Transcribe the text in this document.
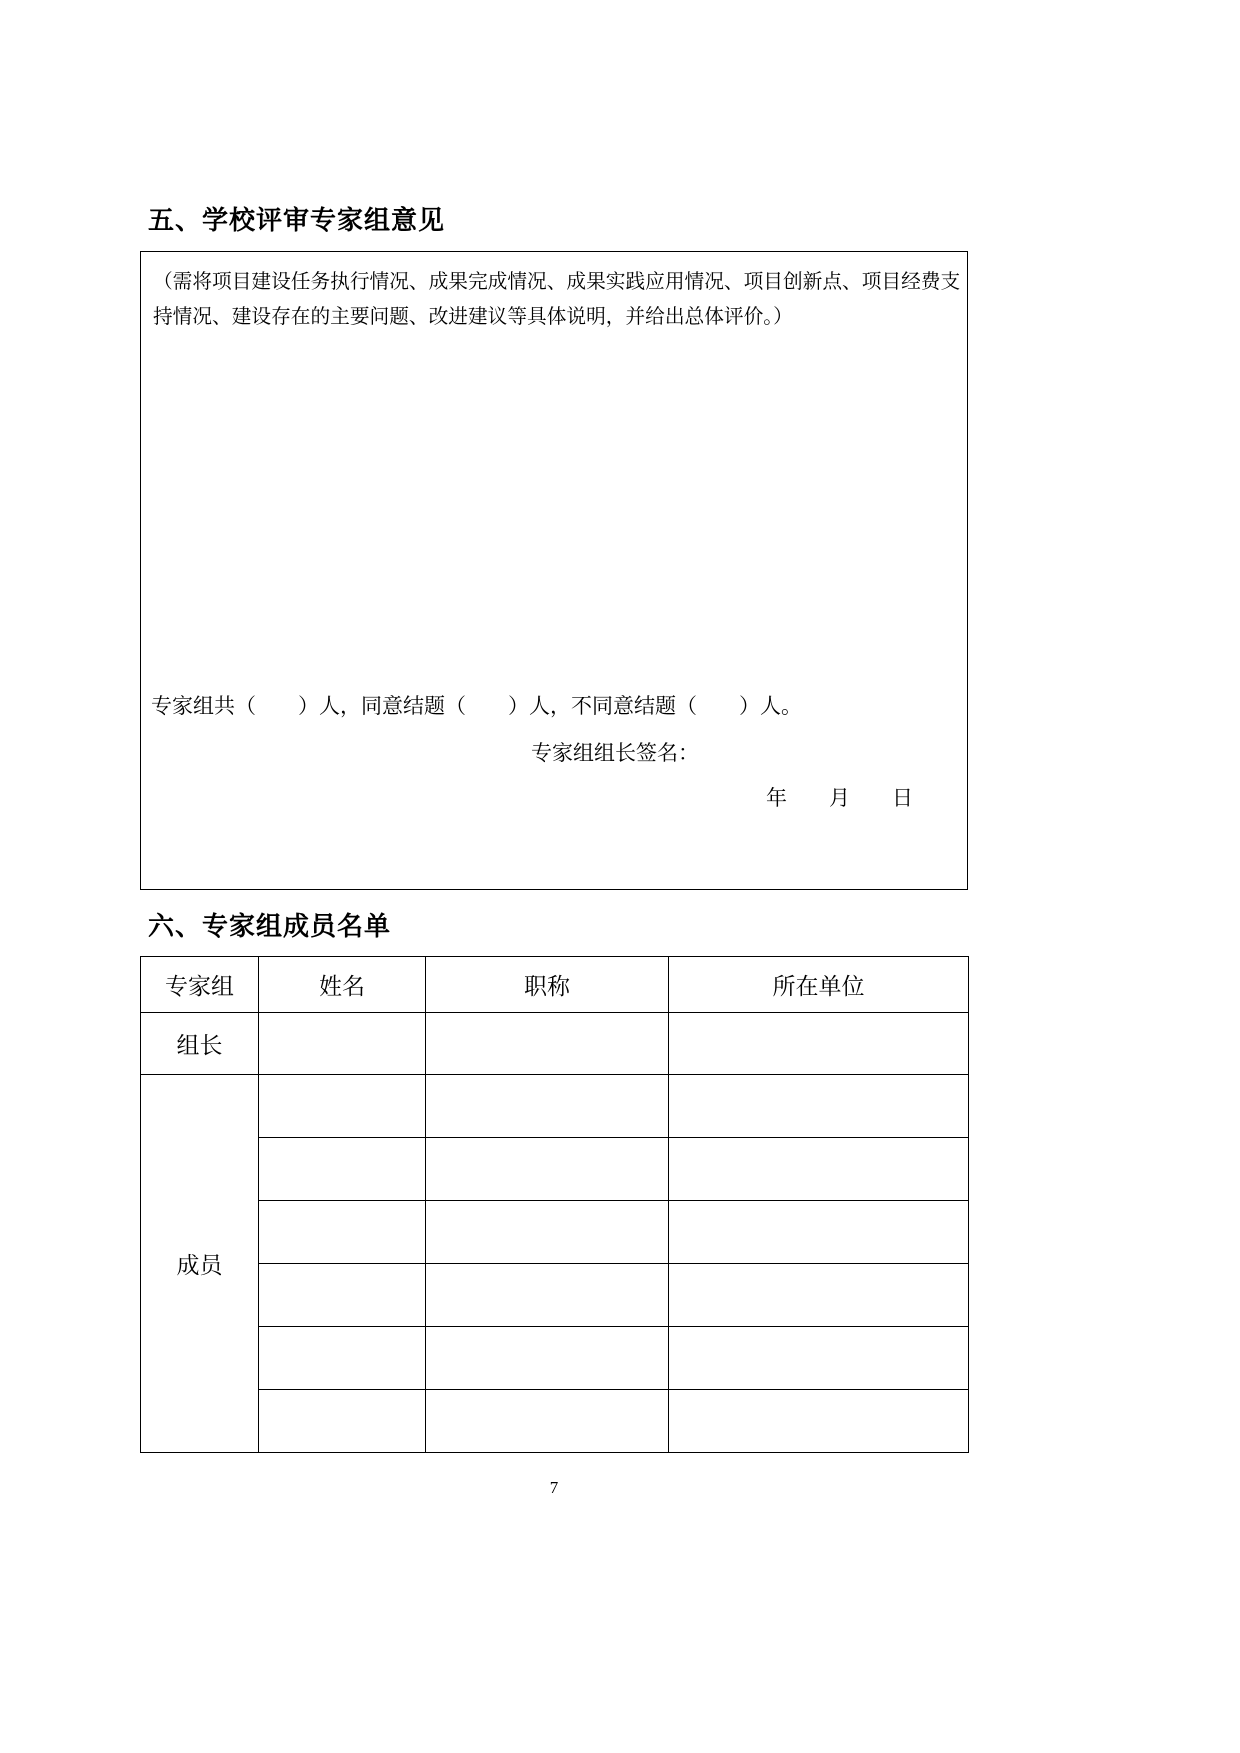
五、学校评审专家组意见
（需将项目建设任务执行情况、成果完成情况、成果实践应用情况、项目创新点、项目经费支持情况、建设存在的主要问题、改进建议等具体说明，并给出总体评价。）
专家组共（　　）人，同意结题（　　）人，不同意结题（　　）人。
专家组组长签名：
年　　月　　日
六、专家组成员名单
专家组	姓名	职称	所在单位
组长			
成员			

7
